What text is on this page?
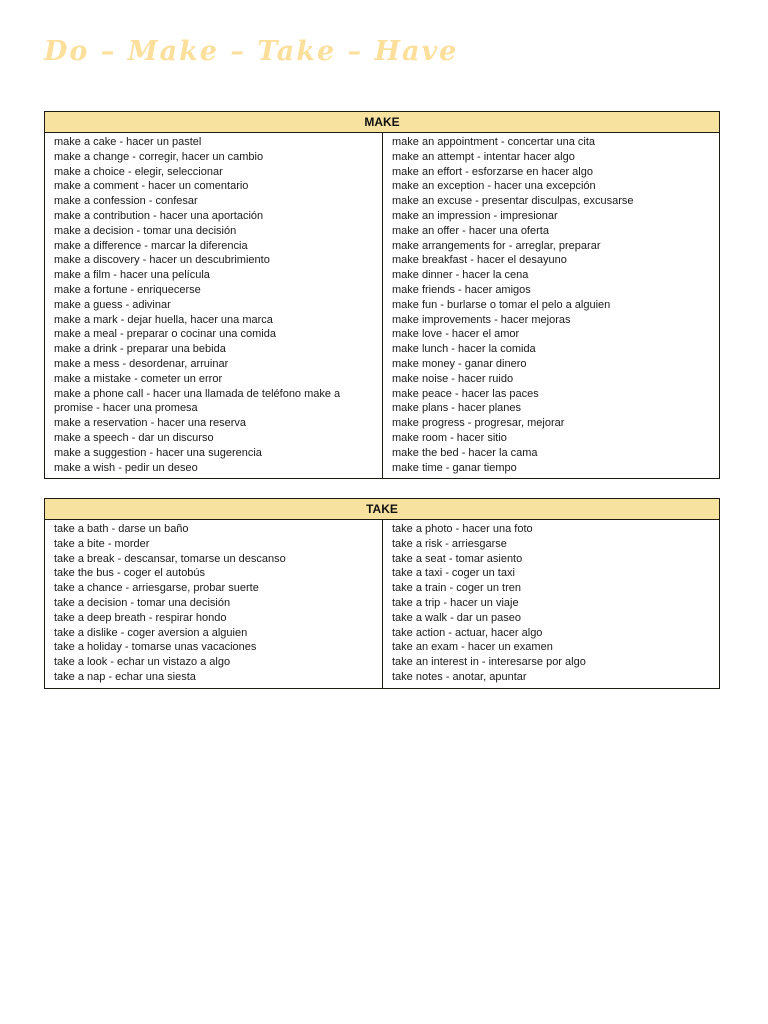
Do – Make – Take – Have
MAKE
make a cake - hacer un pastel
make a change - corregir, hacer un cambio
make a choice - elegir, seleccionar
make a comment - hacer un comentario
make a confession - confesar
make a contribution - hacer una aportación
make a decision - tomar una decisión
make a difference - marcar la diferencia
make a discovery - hacer un descubrimiento
make a film - hacer una película
make a fortune - enriquecerse
make a guess - adivinar
make a mark - dejar huella, hacer una marca
make a meal - preparar o cocinar una comida
make a drink - preparar una bebida
make a mess - desordenar, arruinar
make a mistake - cometer un error
make a phone call - hacer una llamada de teléfono make a promise - hacer una promesa
make a reservation - hacer una reserva
make a speech - dar un discurso
make a suggestion - hacer una sugerencia
make a wish - pedir un deseo
make an appointment - concertar una cita
make an attempt - intentar hacer algo
make an effort - esforzarse en hacer algo
make an exception - hacer una excepción
make an excuse - presentar disculpas, excusarse
make an impression - impresionar
make an offer - hacer una oferta
make arrangements for - arreglar, preparar
make breakfast - hacer el desayuno
make dinner - hacer la cena
make friends - hacer amigos
make fun - burlarse o tomar el pelo a alguien
make improvements - hacer mejoras
make love - hacer el amor
make lunch - hacer la comida
make money - ganar dinero
make noise - hacer ruido
make peace - hacer las paces
make plans - hacer planes
make progress - progresar, mejorar
make room - hacer sitio
make the bed - hacer la cama
make time - ganar tiempo
TAKE
take a bath - darse un baño
take a bite - morder
take a break - descansar, tomarse un descanso
take the bus - coger el autobús
take a chance - arriesgarse, probar suerte
take a decision - tomar una decisión
take a deep breath - respirar hondo
take a dislike - coger aversion a alguien
take a holiday - tomarse unas vacaciones
take a look - echar un vistazo a algo
take a nap - echar una siesta
take a photo - hacer una foto
take a risk - arriesgarse
take a seat - tomar asiento
take a taxi - coger un taxi
take a train - coger un tren
take a trip - hacer un viaje
take a walk - dar un paseo
take action - actuar, hacer algo
take an exam - hacer un examen
take an interest in - interesarse por algo
take notes - anotar, apuntar
